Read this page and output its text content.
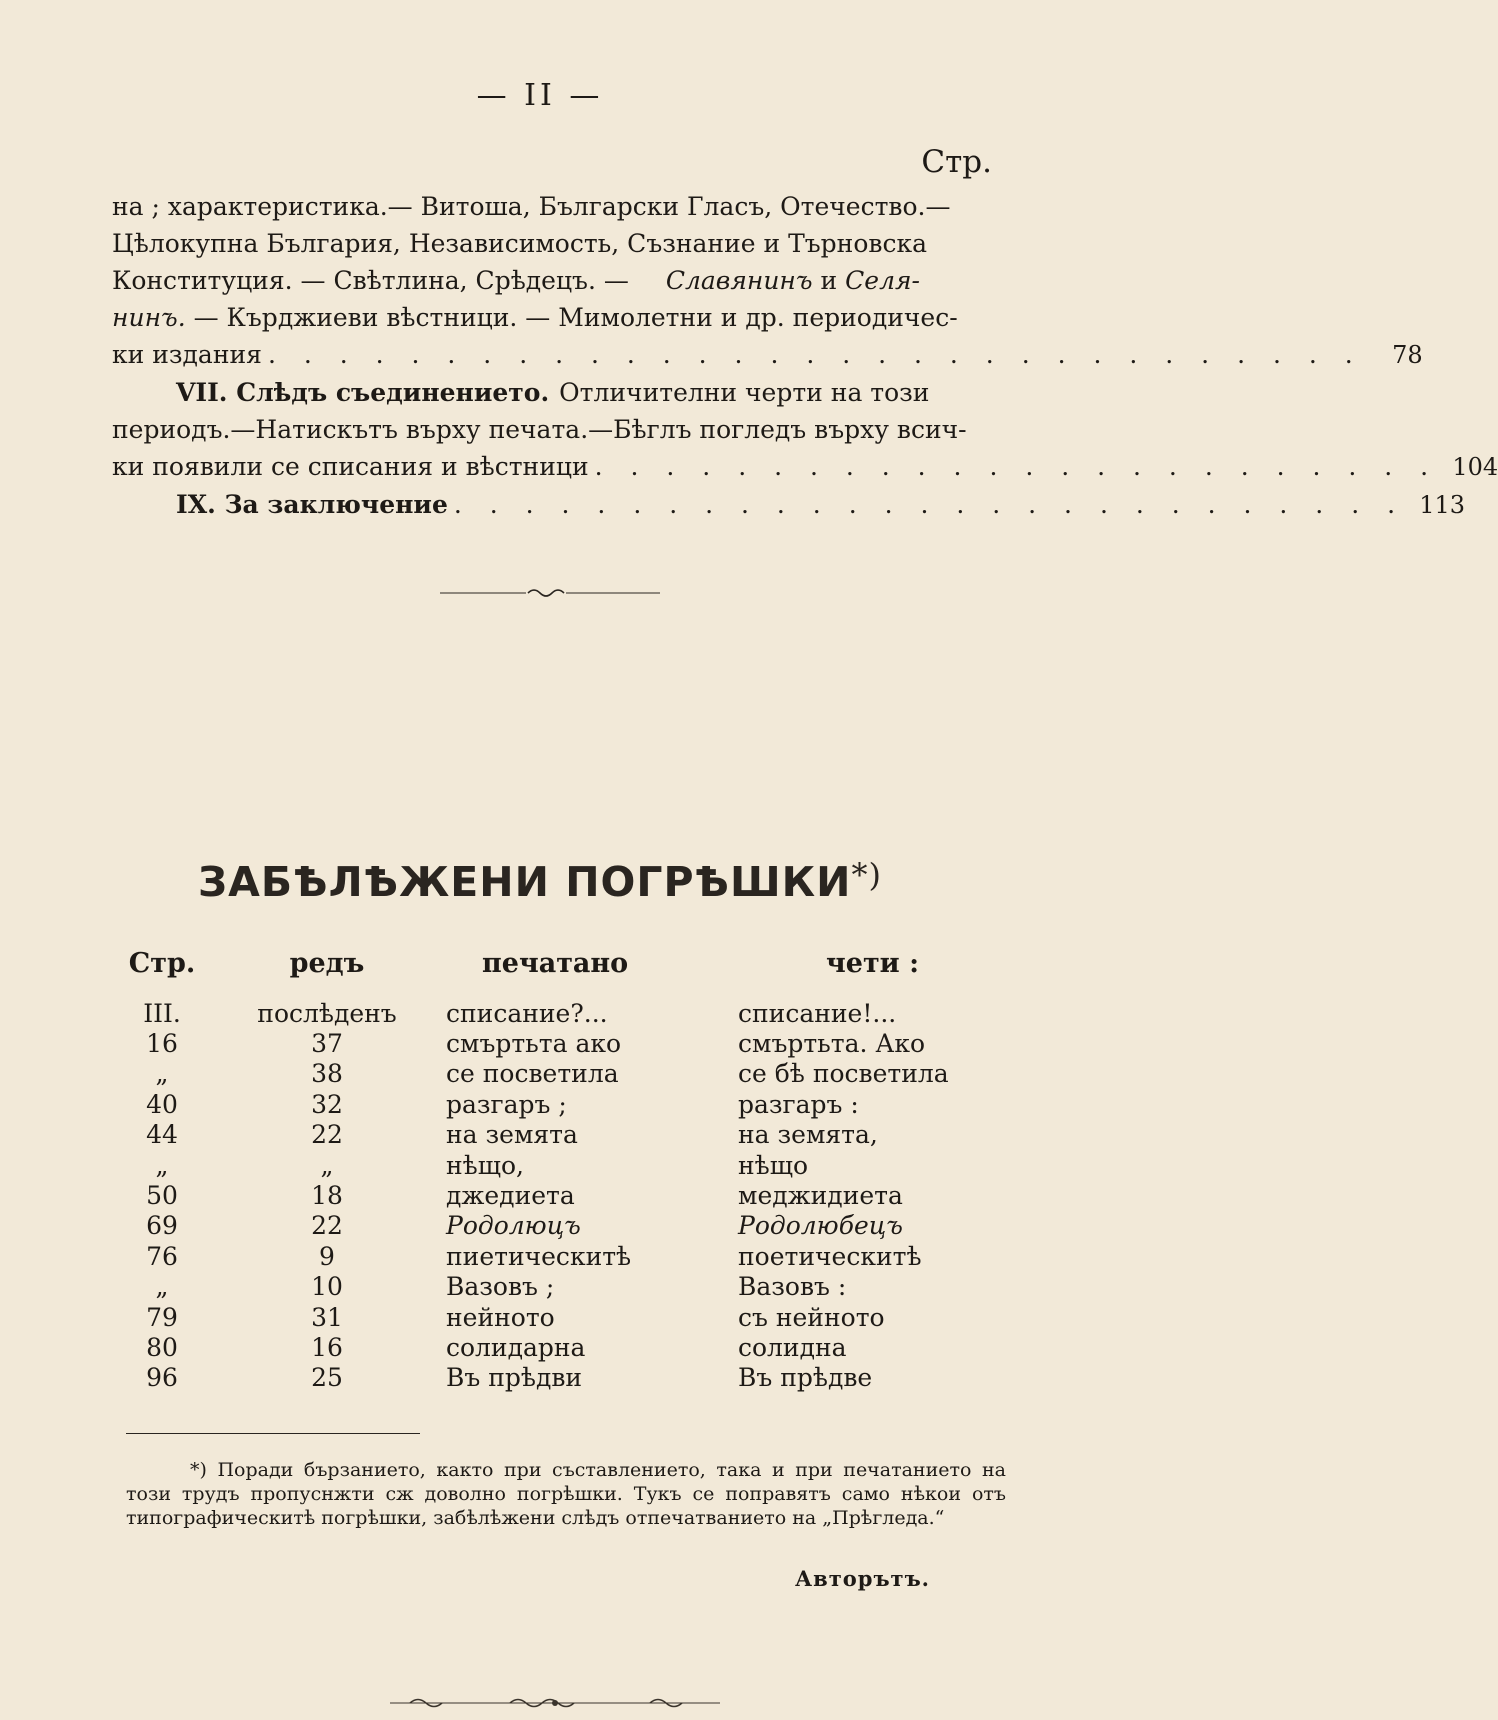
— II —
Стр.
на ; характеристика.— Витоша, Български Гласъ, Отечество.—
Цѣлокупна България, Независимость, Съзнание и Търновска
Конституция. — Свѣтлина, Срѣдецъ. — Славянинъ и Селя-
нинъ. — Кърджиеви вѣстници. — Мимолетни и др. периодичес-
ки издания . . . . . . . . . . . . . . . . . . . . . . . . . . . . . . .	78
VII. Слѣдъ съединението. Отличителни черти на този
периодъ.—Натискътъ върху печата.—Бѣглъ погледъ върху всич-
ки появили се списания и вѣстници . . . . . . . . . . . . . . . . . . . . . . . . 104
IX. За заключение . . . . . . . . . . . . . . . . . . . . . . . . . . . 113
ЗАБѢЛѢЖЕНИ ПОГРѢШКИ*)
Стр.	редъ	печатано	чети :
III.	послѣденъ	списание?...	списание!...
16	37	смъртьта ако	смъртьта. Ако
„	38	се посветила	се бѣ посветила
40	32	разгаръ ;	разгаръ :
44	22	на земята	на земята,
„	„	нѣщо,	нѣщо
50	18	джедиета	меджидиета
69	22	Родолюцъ	Родолюбецъ
76	9	пиетическитѣ	поетическитѣ
„	10	Вазовъ ;	Вазовъ :
79	31	нейното	съ нейното
80	16	солидарна	солидна
96	25	Въ прѣдви	Въ прѣдве
*) Поради бързанието, както при съставлението, така и при печатанието на този трудъ пропуснжти сж доволно погрѣшки. Тукъ се поправятъ само нѣкои отъ типографическитѣ погрѣшки, забѣлѣжени слѣдъ отпечатванието на „Прѣгледа.“
Авторътъ.
